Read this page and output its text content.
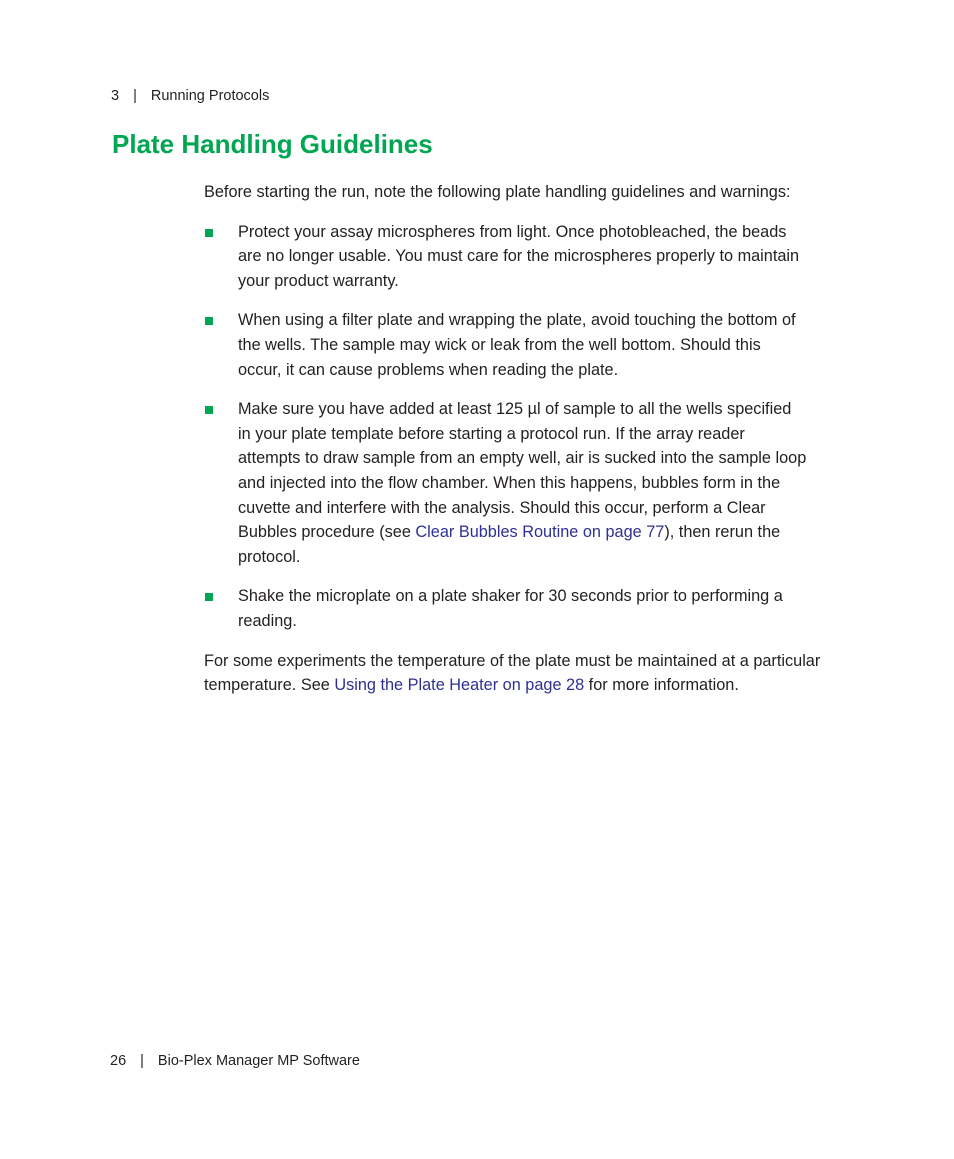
3 | Running Protocols
Plate Handling Guidelines

Before starting the run, note the following plate handling guidelines and warnings:

Protect your assay microspheres from light. Once photobleached, the beads are no longer usable. You must care for the microspheres properly to maintain your product warranty.
When using a filter plate and wrapping the plate, avoid touching the bottom of the wells. The sample may wick or leak from the well bottom. Should this occur, it can cause problems when reading the plate.
Make sure you have added at least 125 µl of sample to all the wells specified in your plate template before starting a protocol run. If the array reader attempts to draw sample from an empty well, air is sucked into the sample loop and injected into the flow chamber. When this happens, bubbles form in the cuvette and interfere with the analysis. Should this occur, perform a Clear Bubbles procedure (see Clear Bubbles Routine on page 77), then rerun the protocol.
Shake the microplate on a plate shaker for 30 seconds prior to performing a reading.

For some experiments the temperature of the plate must be maintained at a particular temperature. See Using the Plate Heater on page 28 for more information.

26 | Bio-Plex Manager MP Software
